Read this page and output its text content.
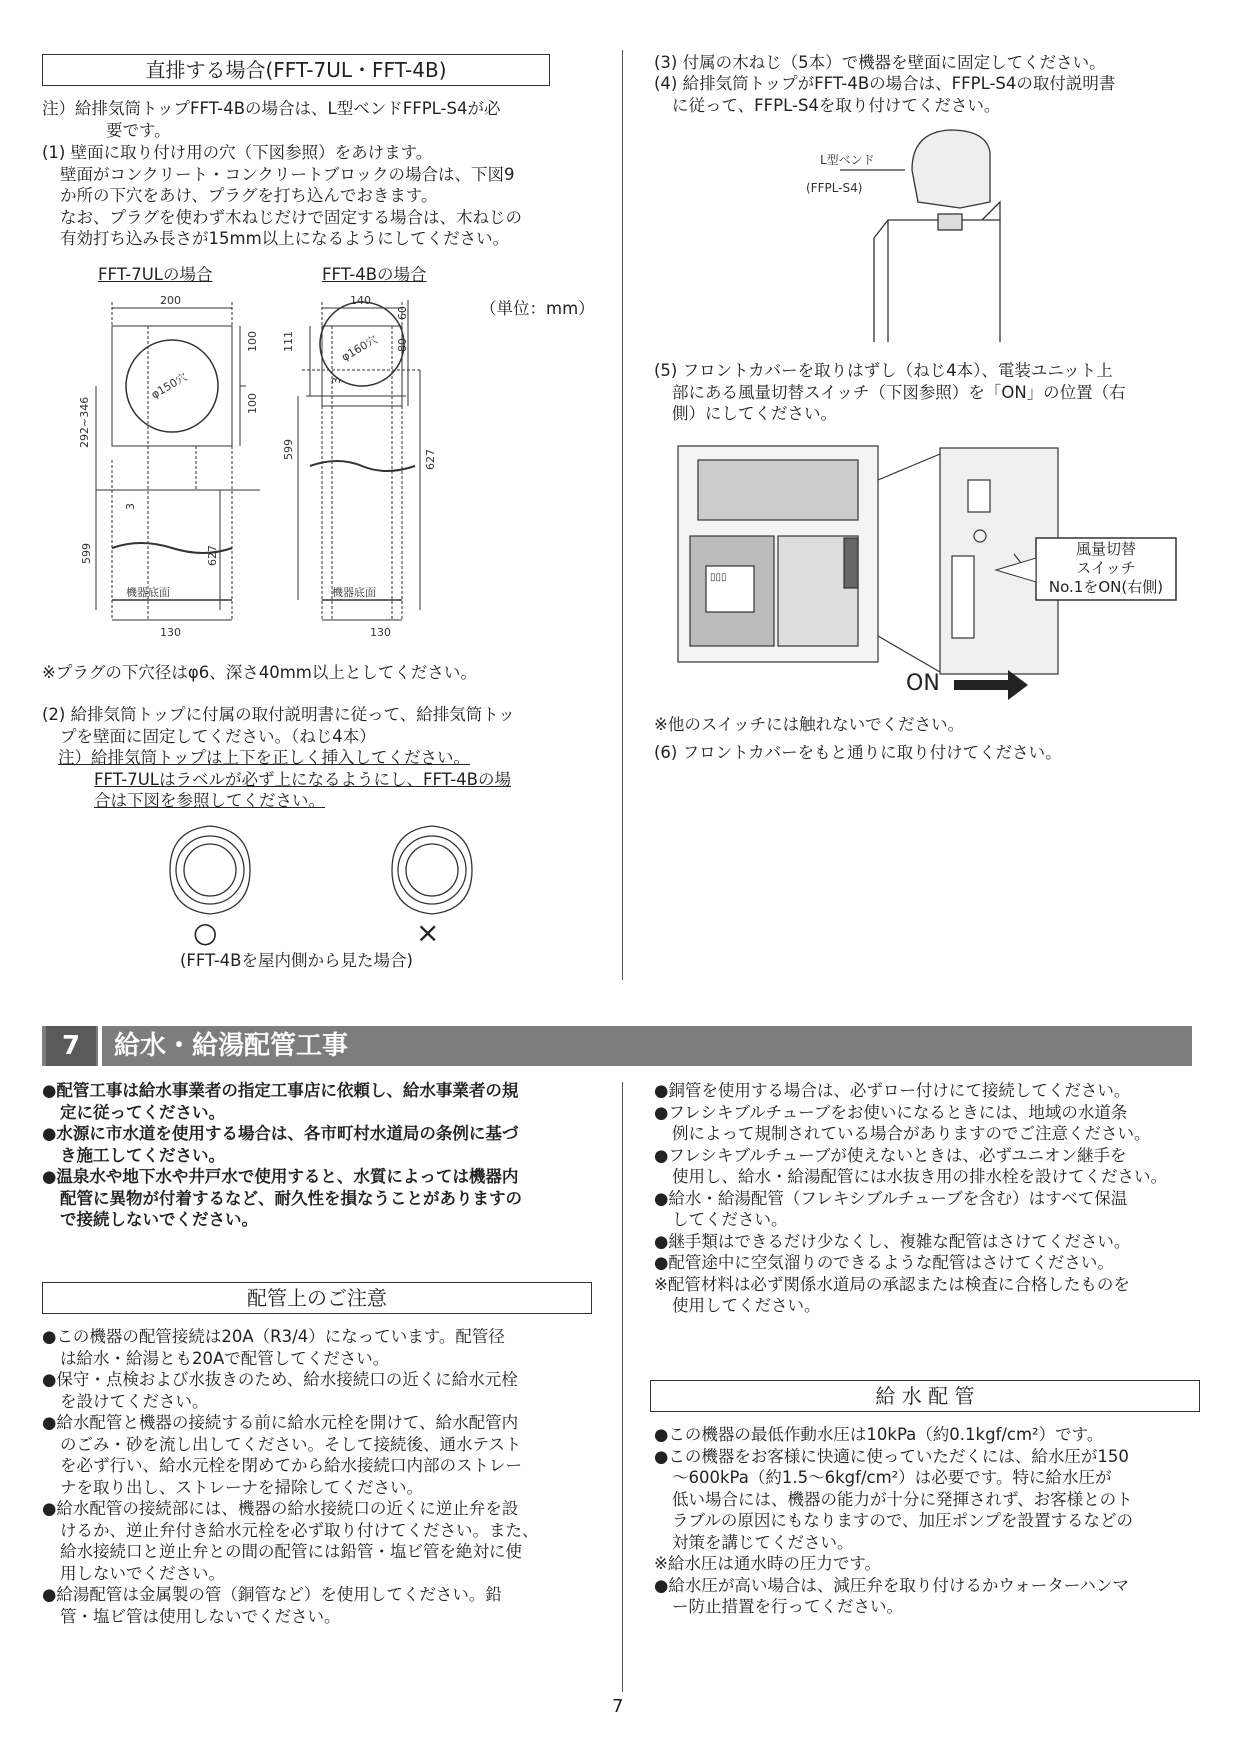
直排する場合(FFT-7UL・FFT-4B)
注）給排気筒トップFFT-4Bの場合は、L型ベンドFFPL-S4が必
要です。
(1) 壁面に取り付け用の穴（下図参照）をあけます。
壁面がコンクリート・コンクリートブロックの場合は、下図9
か所の下穴をあけ、プラグを打ち込んでおきます。
なお、プラグを使わず木ねじだけで固定する場合は、木ねじの
有効打ち込み長さが15mm以上になるようにしてください。
FFT-7ULの場合	FFT-4Bの場合
（単位：mm）
200
φ150穴
100
100
292~346
3
599	627
機器底面
130
140
φ160穴
60
80
111
3
599	627
機器底面
130
※プラグの下穴径はφ6、深さ40mm以上としてください。
(2) 給排気筒トップに付属の取付説明書に従って、給排気筒トッ
プを壁面に固定してください。（ねじ4本）
注）給排気筒トップは上下を正しく挿入してください。
FFT-7ULはラベルが必ず上になるようにし、FFT-4Bの場
合は下図を参照してください。
○	×
(FFT-4Bを屋内側から見た場合)
(3) 付属の木ねじ（5本）で機器を壁面に固定してください。
(4) 給排気筒トップがFFT-4Bの場合は、FFPL-S4の取付説明書
に従って、FFPL-S4を取り付けてください。
L型ベンド
(FFPL-S4)
(5) フロントカバーを取りはずし（ねじ4本）、電装ユニット上
部にある風量切替スイッチ（下図参照）を「ON」の位置（右
側）にしてください。
▯▯▯
風量切替
スイッチ
No.1をON(右側)
ON
※他のスイッチには触れないでください。
(6) フロントカバーをもと通りに取り付けてください。
7	給水・給湯配管工事
●配管工事は給水事業者の指定工事店に依頼し、給水事業者の規
定に従ってください。
●水源に市水道を使用する場合は、各市町村水道局の条例に基づ
き施工してください。
●温泉水や地下水や井戸水で使用すると、水質によっては機器内
配管に異物が付着するなど、耐久性を損なうことがありますの
で接続しないでください。
配管上のご注意
●この機器の配管接続は20A（R3/4）になっています。配管径
は給水・給湯とも20Aで配管してください。
●保守・点検および水抜きのため、給水接続口の近くに給水元栓
を設けてください。
●給水配管と機器の接続する前に給水元栓を開けて、給水配管内
のごみ・砂を流し出してください。そして接続後、通水テスト
を必ず行い、給水元栓を閉めてから給水接続口内部のストレー
ナを取り出し、ストレーナを掃除してください。
●給水配管の接続部には、機器の給水接続口の近くに逆止弁を設
けるか、逆止弁付き給水元栓を必ず取り付けてください。また、
給水接続口と逆止弁との間の配管には鉛管・塩ビ管を絶対に使
用しないでください。
●給湯配管は金属製の管（銅管など）を使用してください。鉛
管・塩ビ管は使用しないでください。
●銅管を使用する場合は、必ずロー付けにて接続してください。
●フレシキブルチューブをお使いになるときには、地域の水道条
例によって規制されている場合がありますのでご注意ください。
●フレシキブルチューブが使えないときは、必ずユニオン継手を
使用し、給水・給湯配管には水抜き用の排水栓を設けてください。
●給水・給湯配管（フレキシブルチューブを含む）はすべて保温
してください。
●継手類はできるだけ少なくし、複雑な配管はさけてください。
●配管途中に空気溜りのできるような配管はさけてください。
※配管材料は必ず関係水道局の承認または検査に合格したものを
使用してください。
給 水 配 管
●この機器の最低作動水圧は10kPa（約0.1kgf/cm²）です。
●この機器をお客様に快適に使っていただくには、給水圧が150
～600kPa（約1.5～6kgf/cm²）は必要です。特に給水圧が
低い場合には、機器の能力が十分に発揮されず、お客様とのト
ラブルの原因にもなりますので、加圧ポンプを設置するなどの
対策を講じてください。
※給水圧は通水時の圧力です。
●給水圧が高い場合は、減圧弁を取り付けるかウォーターハンマ
ー防止措置を行ってください。
7
